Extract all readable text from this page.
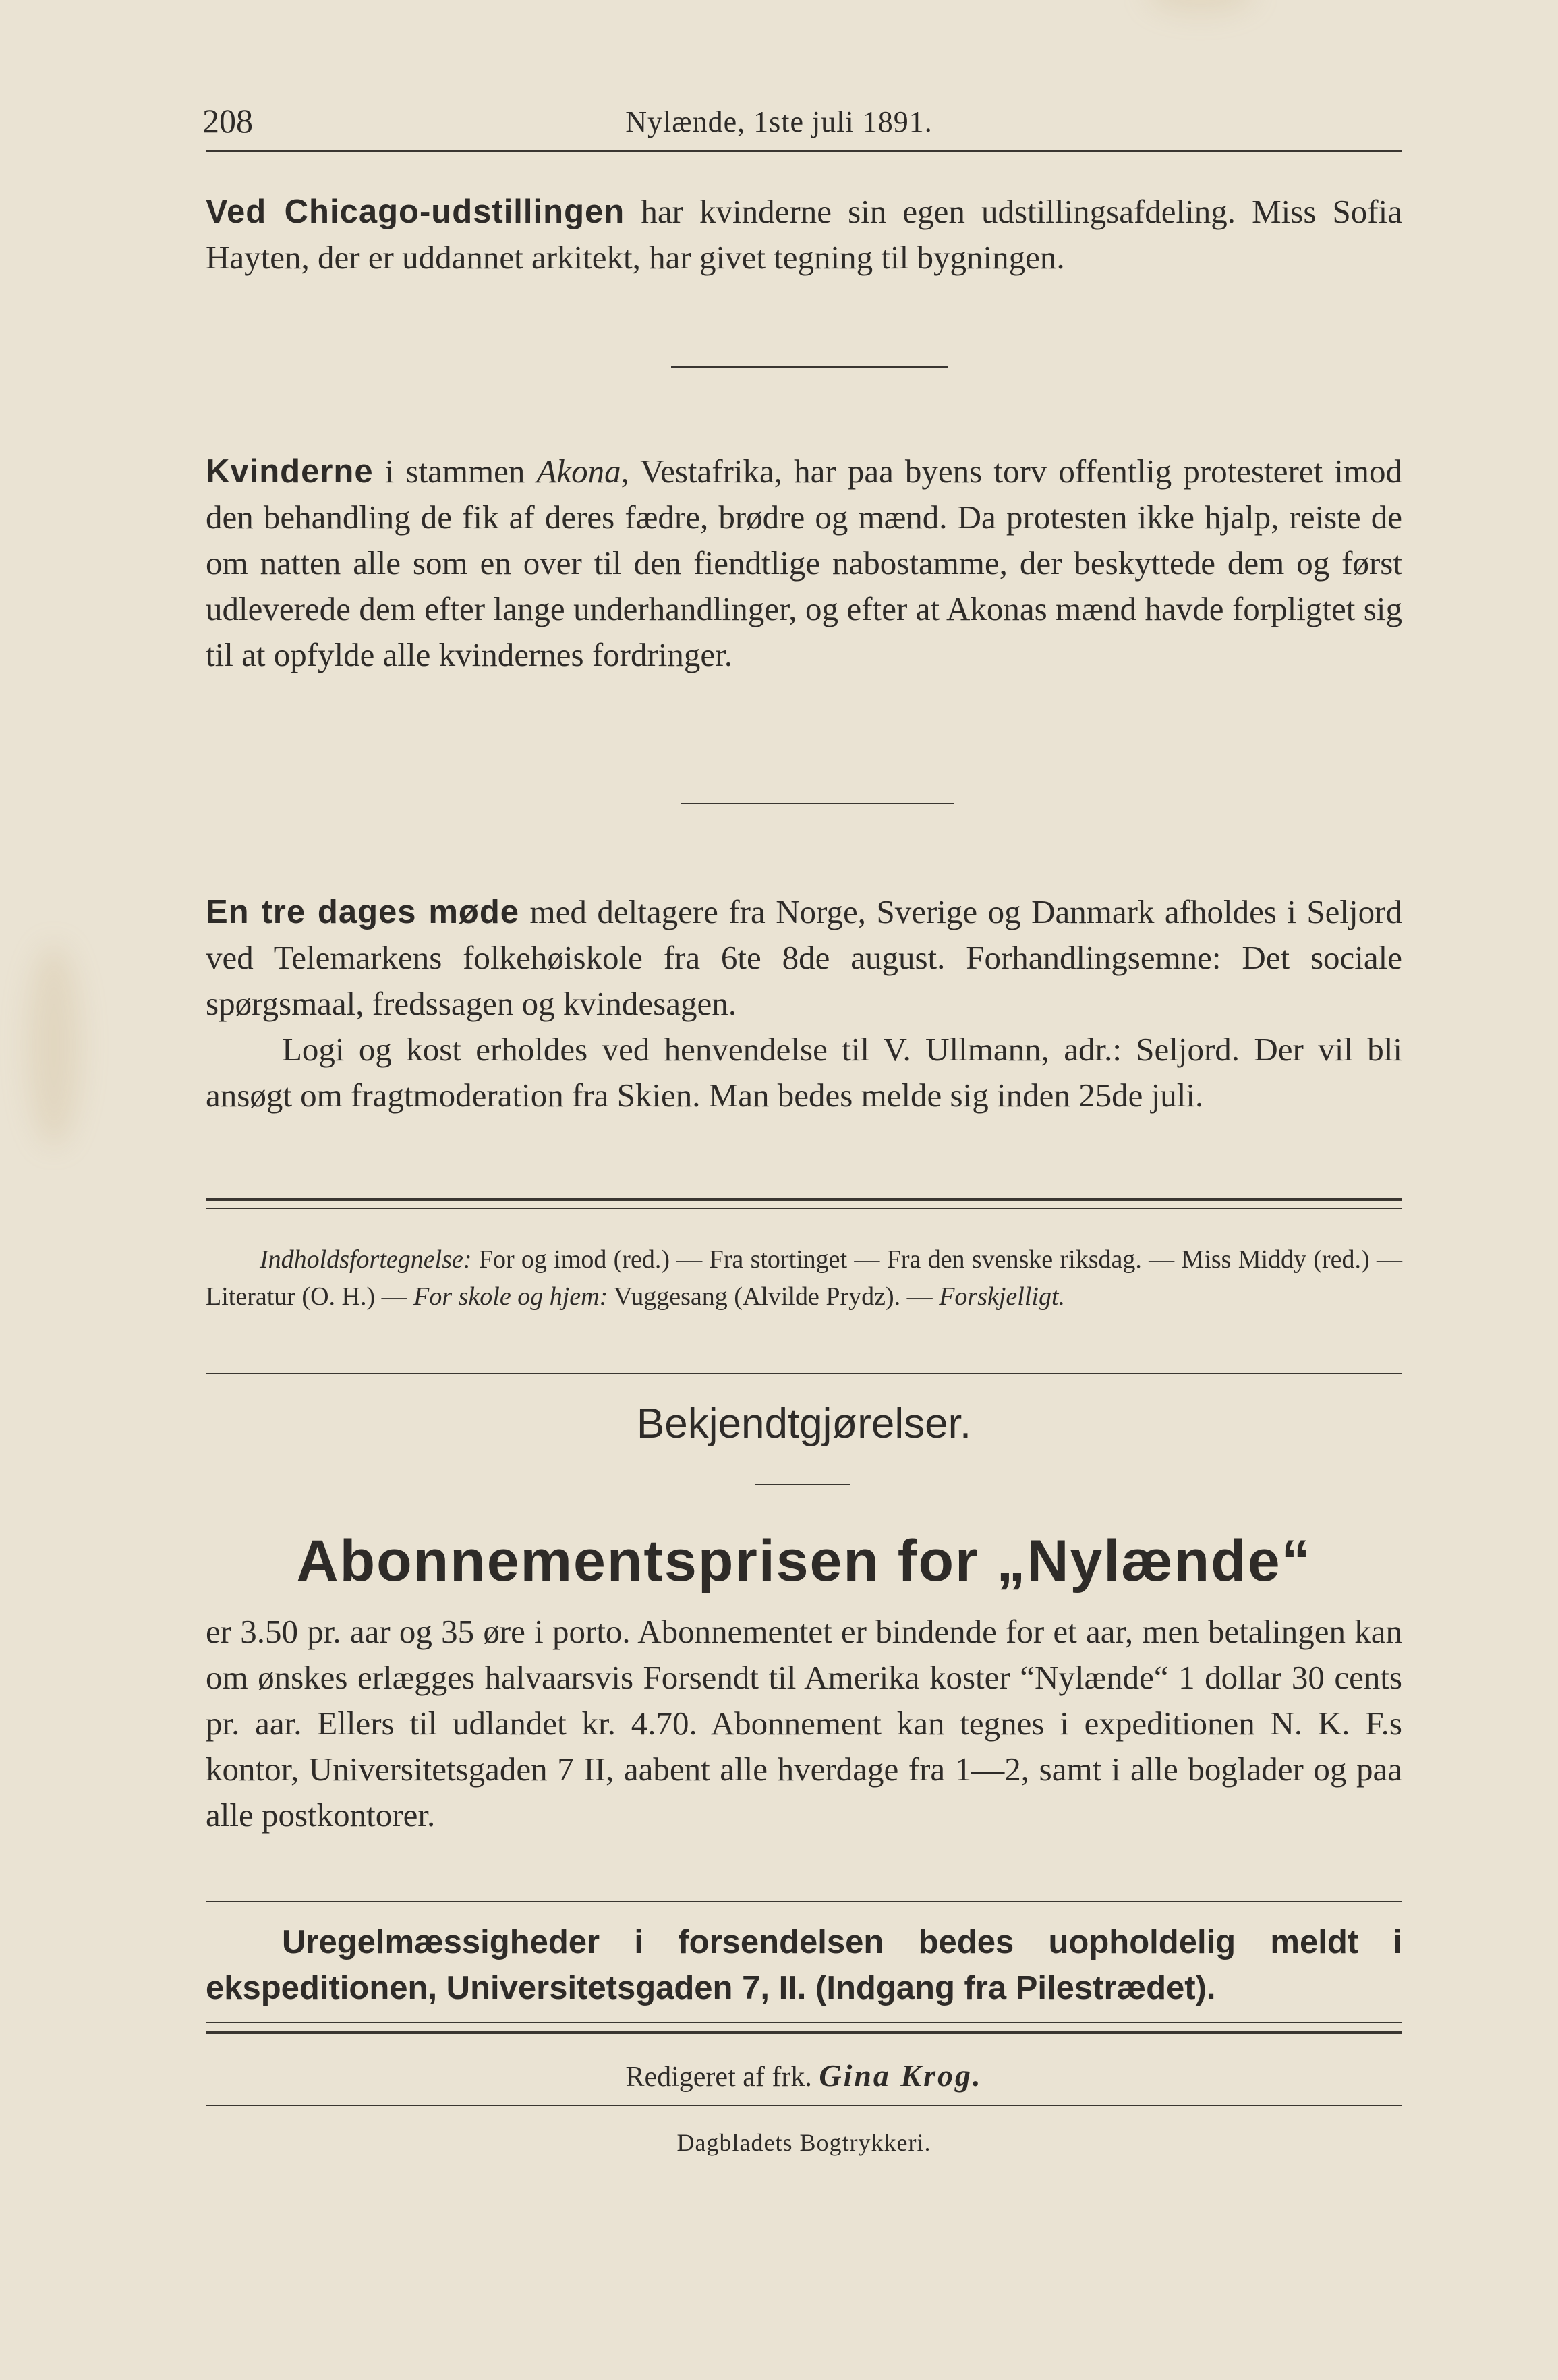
208	Nylænde, 1ste juli 1891.
Ved Chicago-udstillingen har kvinderne sin egen udstillingsafdeling. Miss Sofia Hayten, der er uddannet arkitekt, har givet tegning til bygningen.
Kvinderne i stammen Akona, Vestafrika, har paa byens torv offentlig protesteret imod den behandling de fik af deres fædre, brødre og mænd. Da protesten ikke hjalp, reiste de om natten alle som en over til den fiendtlige nabostamme, der beskyttede dem og først udleverede dem efter lange underhandlinger, og efter at Akonas mænd havde forpligtet sig til at opfylde alle kvindernes fordringer.
En tre dages møde med deltagere fra Norge, Sverige og Danmark afholdes i Seljord ved Telemarkens folkehøiskole fra 6te 8de august. Forhandlingsemne: Det sociale spørgsmaal, fredssagen og kvindesagen.
Logi og kost erholdes ved henvendelse til V. Ullmann, adr.: Seljord. Der vil bli ansøgt om fragtmoderation fra Skien. Man bedes melde sig inden 25de juli.
Indholdsfortegnelse: For og imod (red.) — Fra stortinget — Fra den svenske riksdag. — Miss Middy (red.) — Literatur (O. H.) — For skole og hjem: Vuggesang (Alvilde Prydz). — Forskjelligt.
Bekjendtgjørelser.
Abonnementsprisen for „Nylænde“
er 3.50 pr. aar og 35 øre i porto. Abonnementet er bindende for et aar, men betalingen kan om ønskes erlægges halvaarsvis Forsendt til Amerika koster “Nylænde“ 1 dollar 30 cents pr. aar. Ellers til udlandet kr. 4.70. Abonnement kan tegnes i expeditionen N. K. F.s kontor, Universitetsgaden 7 II, aabent alle hverdage fra 1—2, samt i alle boglader og paa alle postkontorer.
Uregelmæssigheder i forsendelsen bedes uopholdelig meldt i ekspeditionen, Universitetsgaden 7, II. (Indgang fra Pilestrædet).
Redigeret af frk. Gina Krog.
Dagbladets Bogtrykkeri.
